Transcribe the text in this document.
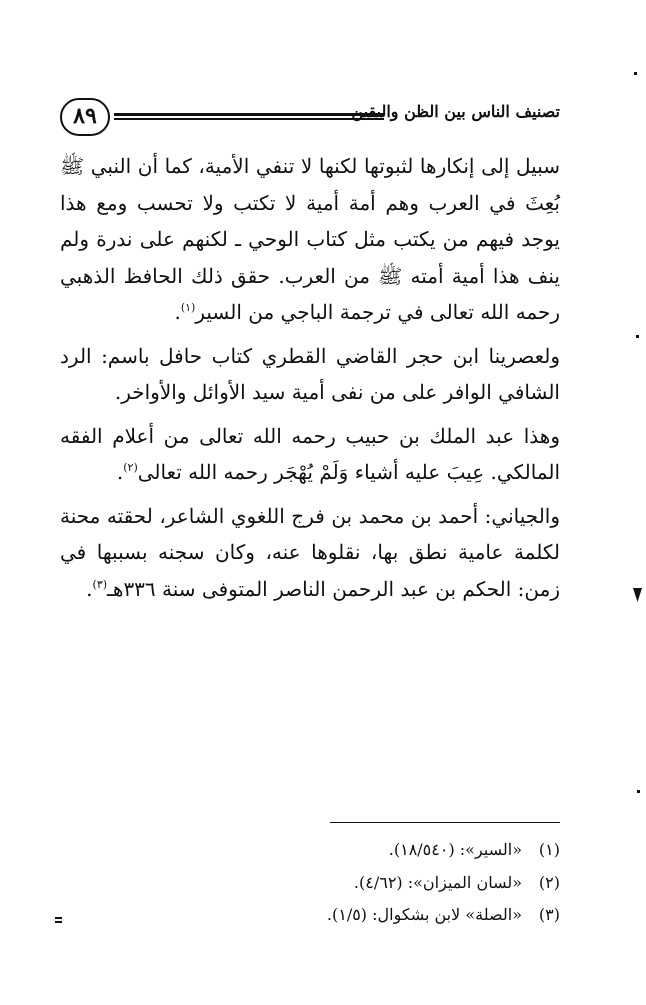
٨٩	تصنيف الناس بين الظن واليقين

سبيل إلى إنكارها لثبوتها لكنها لا تنفي الأمية، كما أن النبي ﷺ بُعِثَ في العرب وهم أمة أمية لا تكتب ولا تحسب ومع هذا يوجد فيهم من يكتب مثل كتاب الوحي ـ لكنهم على ندرة ولم ينف هذا أمية أمته ﷺ من العرب. حقق ذلك الحافظ الذهبي رحمه الله تعالى في ترجمة الباجي من السير$^{(١)}$.

ولعصرينا ابن حجر القاضي القطري كتاب حافل باسم: الرد الشافي الوافر على من نفى أمية سيد الأوائل والأواخر.

وهذا عبد الملك بن حبيب رحمه الله تعالى من أعلام الفقه المالكي. عِيبَ عليه أشياء وَلَمْ يُهْجَر رحمه الله تعالى$^{(٢)}$.

والجياني: أحمد بن محمد بن فرج اللغوي الشاعر، لحقته محنة لكلمة عامية نطق بها، نقلوها عنه، وكان سجنه بسببها في زمن: الحكم بن عبد الرحمن الناصر المتوفى سنة ٣٣٦هـ$^{(٣)}$.

(١)
«السير»: (١٨/٥٤٠).
(٢)
«لسان الميزان»: (٤/٦٢).
(٣)
«الصلة» لابن بشكوال: (١/٥).
